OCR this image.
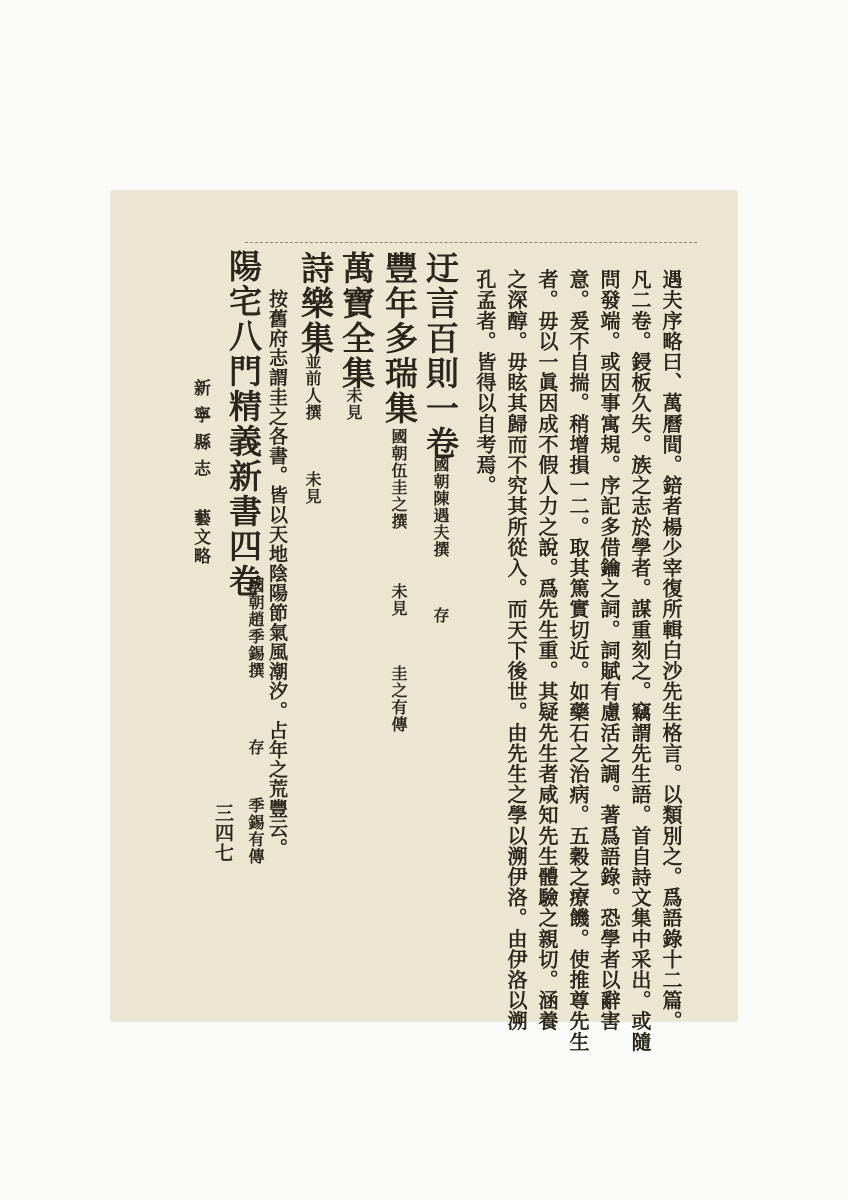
遇夫序略曰、萬曆間。錇者楊少宰復所輯白沙先生格言。以類別之。爲語錄十二篇。
凡二卷。鋟板久失。族之志於學者。謀重刻之。竊謂先生語。首自詩文集中采出。或隨
問發端。或因事寓規。序記多借鑰之詞。詞賦有慮活之調。著爲語錄。恐學者以辭害
意。爰不自揣。稍增損一二。取其篤實切近。如藥石之治病。五穀之療饑。使推尊先生
者。毋以一眞因成不假人力之說。爲先生重。其疑先生者咸知先生體驗之親切。涵養
之深醇。毋眩其歸而不究其所從入。而天下後世。由先生之學以溯伊洛。由伊洛以溯
孔孟者。皆得以自考焉。
迂言百則一卷
國朝陳遇夫撰
存
豐年多瑞集
國朝伍圭之撰
未見
圭之有傳
萬寶全集
未見
詩樂集
並前人撰
未見
陽宅八門精義新書四卷 按舊府志謂圭之各書。皆以天地陰陽節氣風潮汐。占年之荒豐云。
國朝趙季錫撰
存
季錫有傳
新 寧 縣 志
藝文略
三四七
